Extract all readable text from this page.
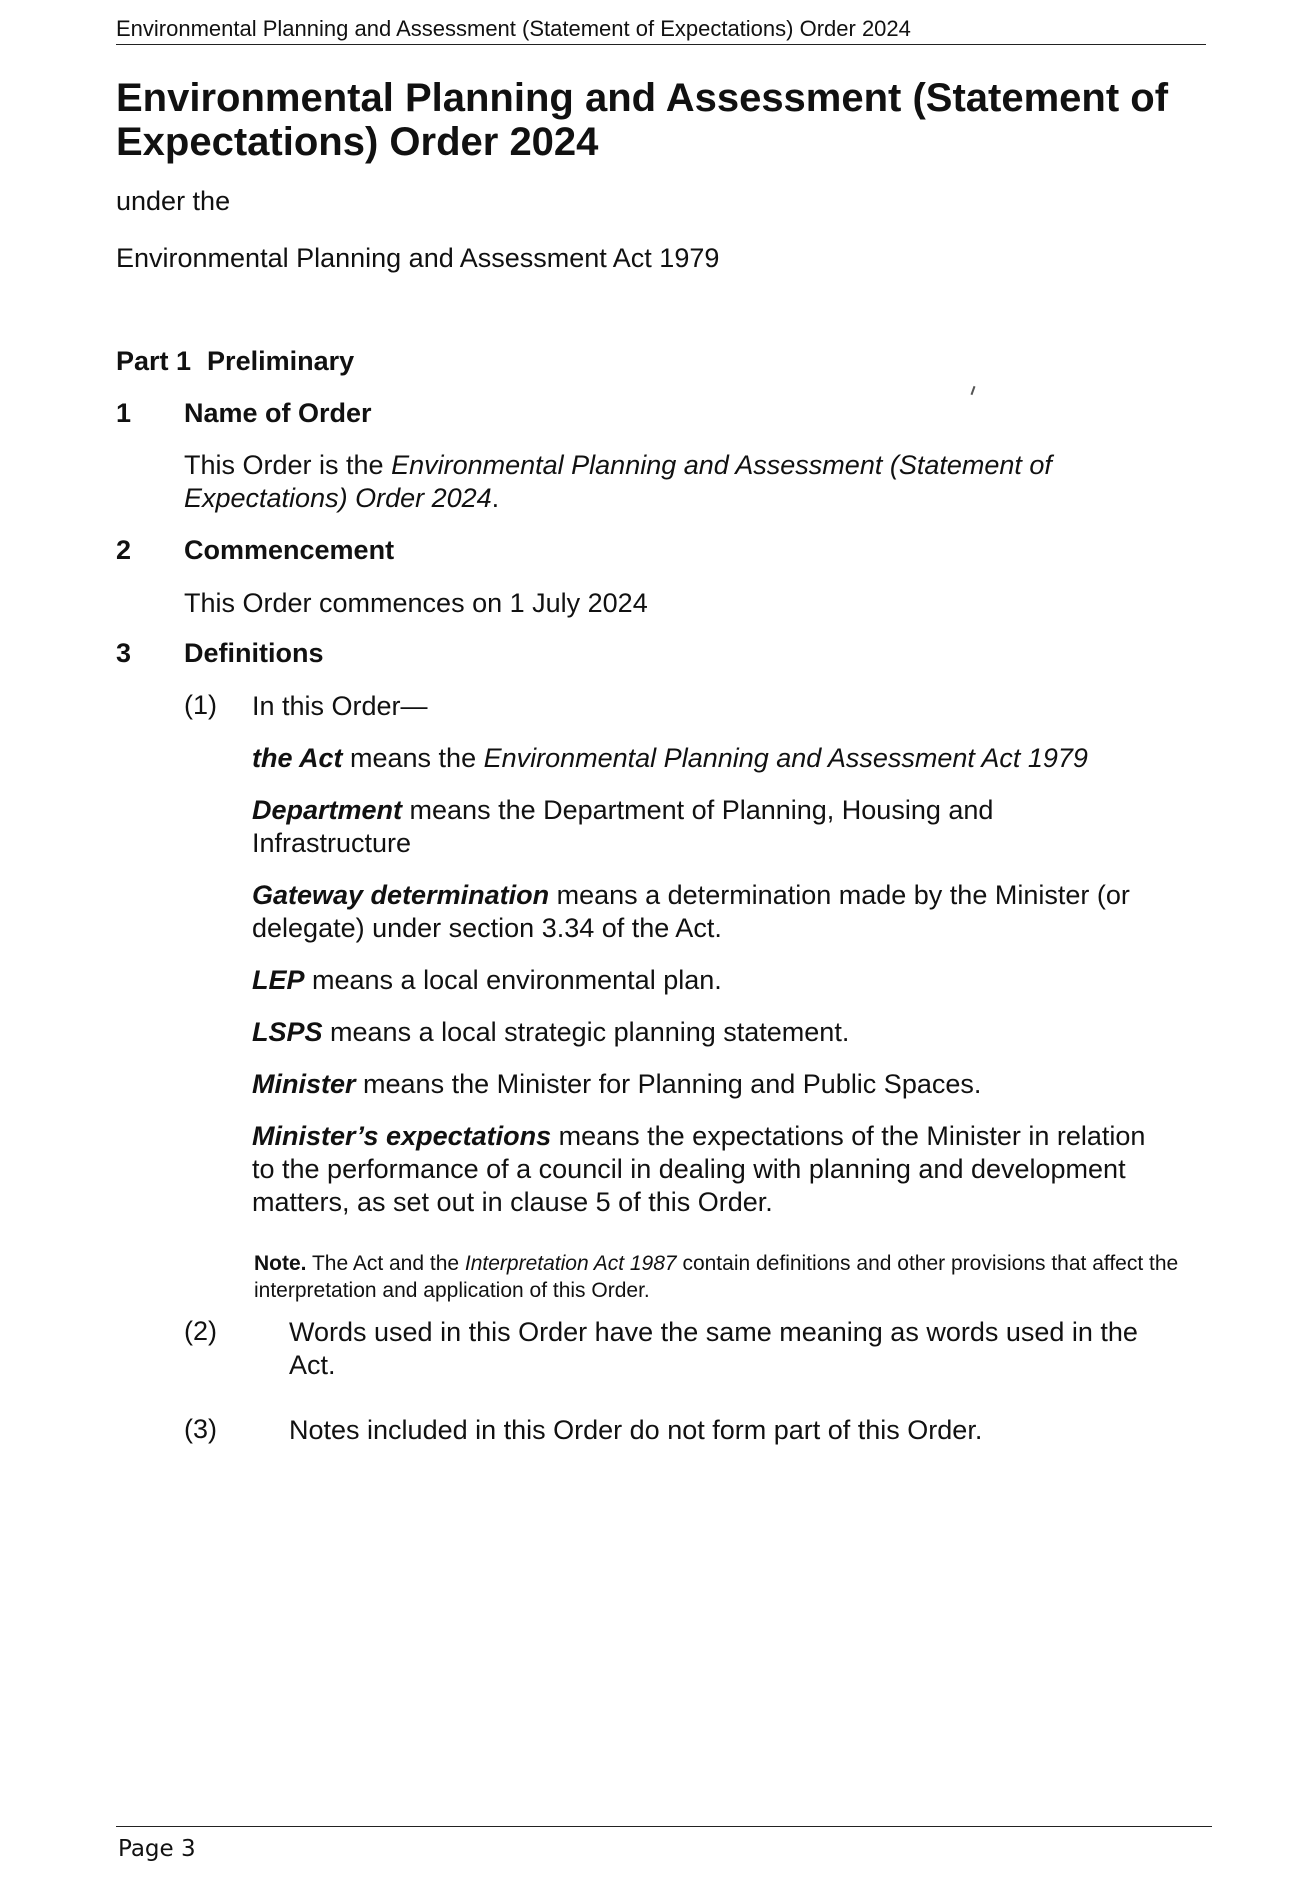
Environmental Planning and Assessment (Statement of Expectations) Order 2024
Environmental Planning and Assessment (Statement of Expectations) Order 2024
under the
Environmental Planning and Assessment Act 1979
Part 1 Preliminary
1 Name of Order
This Order is the Environmental Planning and Assessment (Statement of Expectations) Order 2024.
2 Commencement
This Order commences on 1 July 2024
3 Definitions
(1) In this Order—
the Act means the Environmental Planning and Assessment Act 1979
Department means the Department of Planning, Housing and Infrastructure
Gateway determination means a determination made by the Minister (or delegate) under section 3.34 of the Act.
LEP means a local environmental plan.
LSPS means a local strategic planning statement.
Minister means the Minister for Planning and Public Spaces.
Minister’s expectations means the expectations of the Minister in relation to the performance of a council in dealing with planning and development matters, as set out in clause 5 of this Order.
Note. The Act and the Interpretation Act 1987 contain definitions and other provisions that affect the interpretation and application of this Order.
(2)	Words used in this Order have the same meaning as words used in the Act.
(3)	Notes included in this Order do not form part of this Order.
Page 3
